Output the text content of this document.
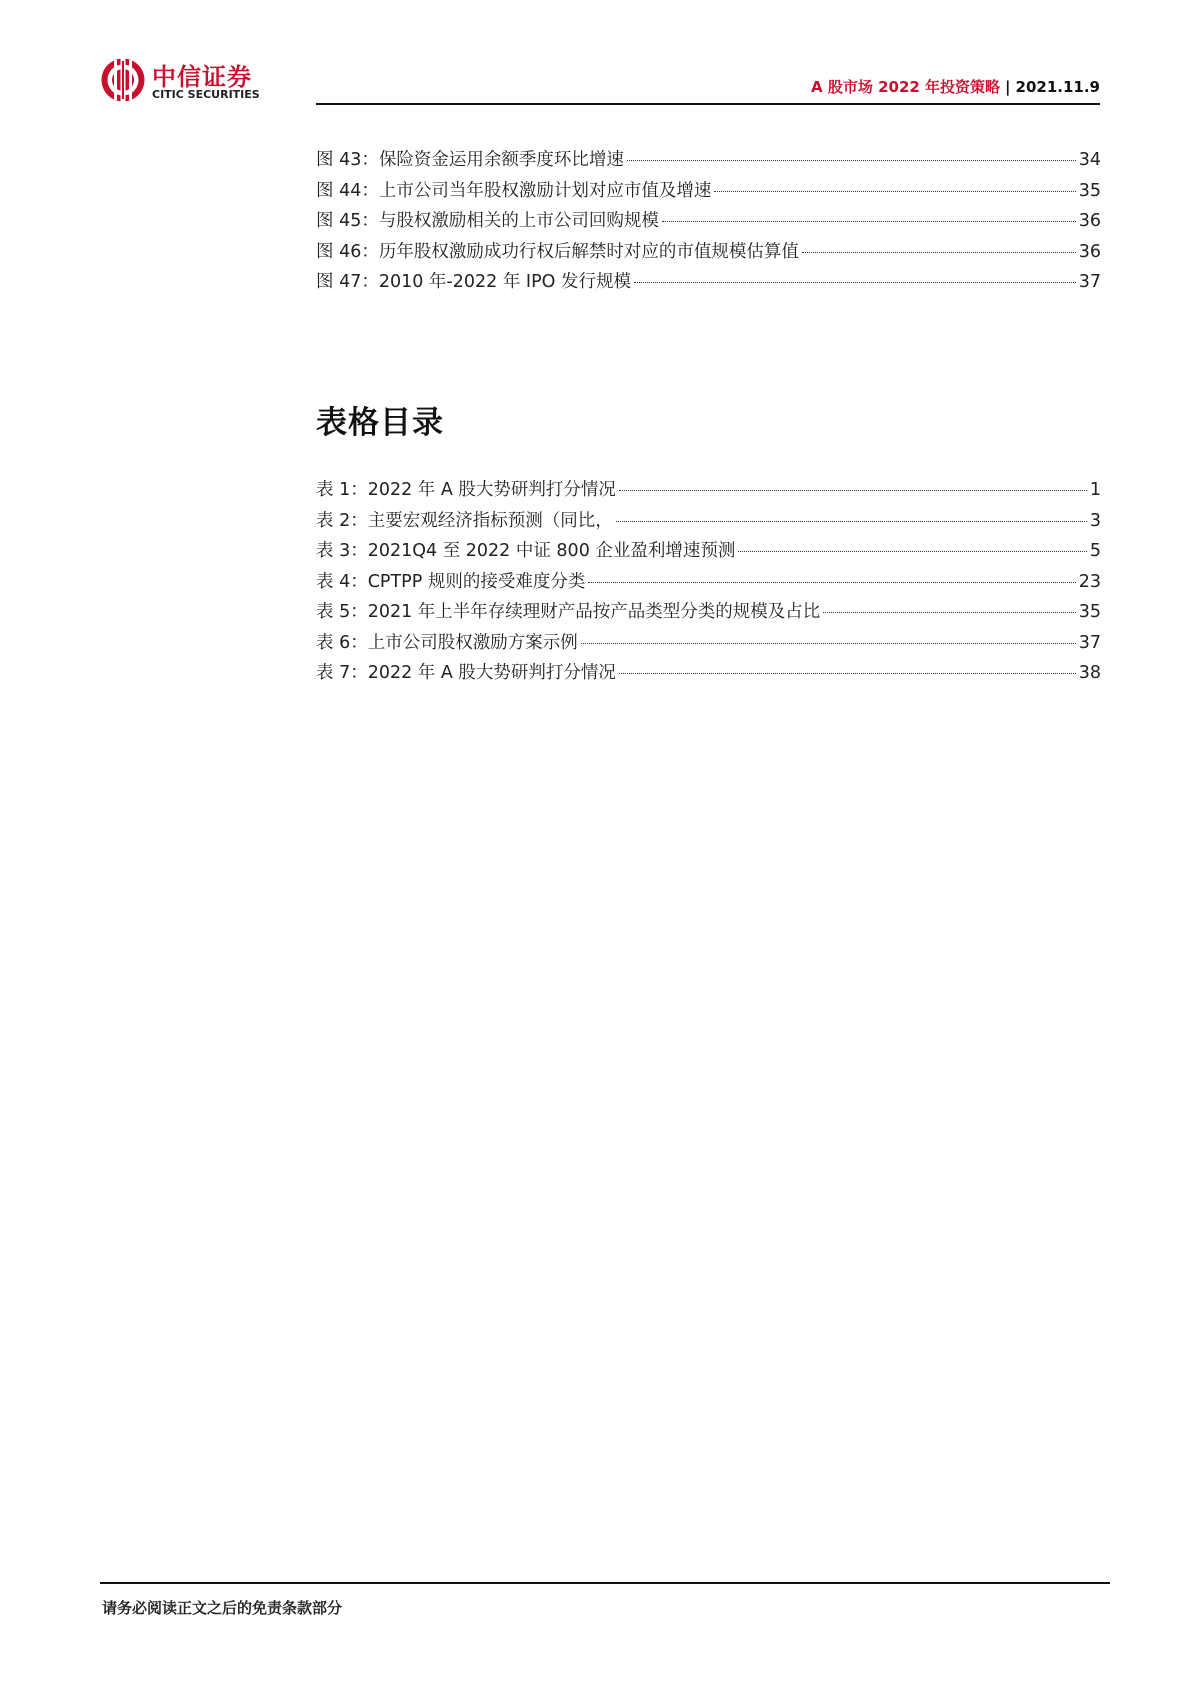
中信证券
CITIC SECURITIES	A 股市场 2022 年投资策略 | 2021.11.9
图 43：保险资金运用余额季度环比增速	34
图 44：上市公司当年股权激励计划对应市值及增速	35
图 45：与股权激励相关的上市公司回购规模	36
图 46：历年股权激励成功行权后解禁时对应的市值规模估算值	36
图 47：2010 年-2022 年 IPO 发行规模	37
表格目录
表 1：2022 年 A 股大势研判打分情况	1
表 2：主要宏观经济指标预测（同比，	3
表 3：2021Q4 至 2022 中证 800 企业盈利增速预测	5
表 4：CPTPP 规则的接受难度分类	23
表 5：2021 年上半年存续理财产品按产品类型分类的规模及占比	35
表 6：上市公司股权激励方案示例	37
表 7：2022 年 A 股大势研判打分情况	38
请务必阅读正文之后的免责条款部分
